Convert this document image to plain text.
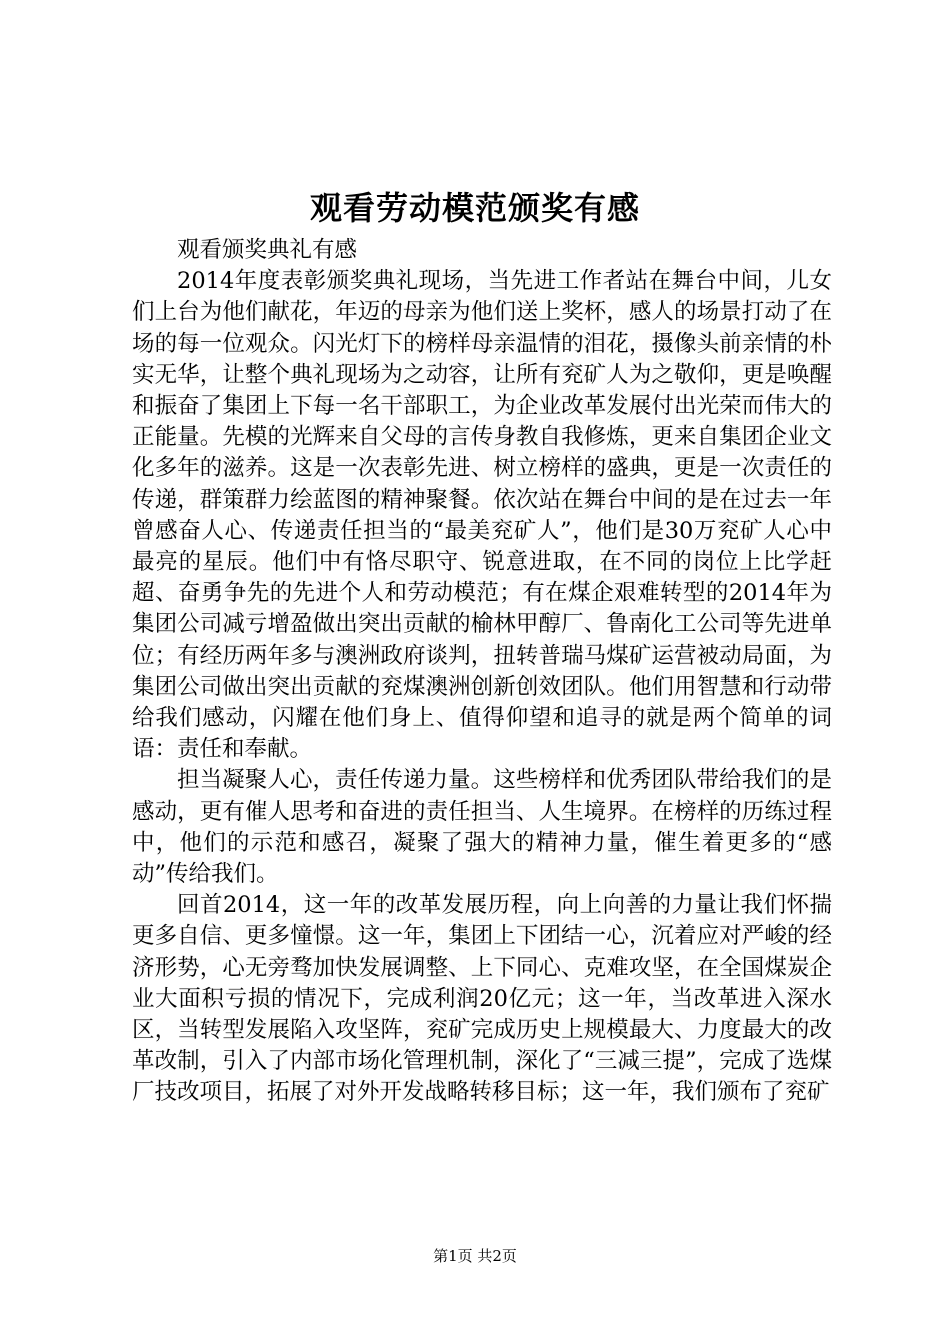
观看劳动模范颁奖有感

观看颁奖典礼有感

2014年度表彰颁奖典礼现场，当先进工作者站在舞台中间，儿女们上台为他们献花，年迈的母亲为他们送上奖杯，感人的场景打动了在场的每一位观众。闪光灯下的榜样母亲温情的泪花，摄像头前亲情的朴实无华，让整个典礼现场为之动容，让所有兖矿人为之敬仰，更是唤醒和振奋了集团上下每一名干部职工，为企业改革发展付出光荣而伟大的正能量。先模的光辉来自父母的言传身教自我修炼，更来自集团企业文化多年的滋养。这是一次表彰先进、树立榜样的盛典，更是一次责任的传递，群策群力绘蓝图的精神聚餐。依次站在舞台中间的是在过去一年曾感奋人心、传递责任担当的“最美兖矿人”，他们是30万兖矿人心中最亮的星辰。他们中有恪尽职守、锐意进取，在不同的岗位上比学赶超、奋勇争先的先进个人和劳动模范；有在煤企艰难转型的2014年为集团公司减亏增盈做出突出贡献的榆林甲醇厂、鲁南化工公司等先进单位；有经历两年多与澳洲政府谈判，扭转普瑞马煤矿运营被动局面，为集团公司做出突出贡献的兖煤澳洲创新创效团队。他们用智慧和行动带给我们感动，闪耀在他们身上、值得仰望和追寻的就是两个简单的词语：责任和奉献。

担当凝聚人心，责任传递力量。这些榜样和优秀团队带给我们的是感动，更有催人思考和奋进的责任担当、人生境界。在榜样的历练过程中，他们的示范和感召，凝聚了强大的精神力量，催生着更多的“感动”传给我们。

回首2014，这一年的改革发展历程，向上向善的力量让我们怀揣更多自信、更多憧憬。这一年，集团上下团结一心，沉着应对严峻的经济形势，心无旁骛加快发展调整、上下同心、克难攻坚，在全国煤炭企业大面积亏损的情况下，完成利润20亿元；这一年，当改革进入深水区，当转型发展陷入攻坚阵，兖矿完成历史上规模最大、力度最大的改革改制，引入了内部市场化管理机制，深化了“三减三提”，完成了选煤厂技改项目，拓展了对外开发战略转移目标；这一年，我们颁布了兖矿

第1页 共2页
